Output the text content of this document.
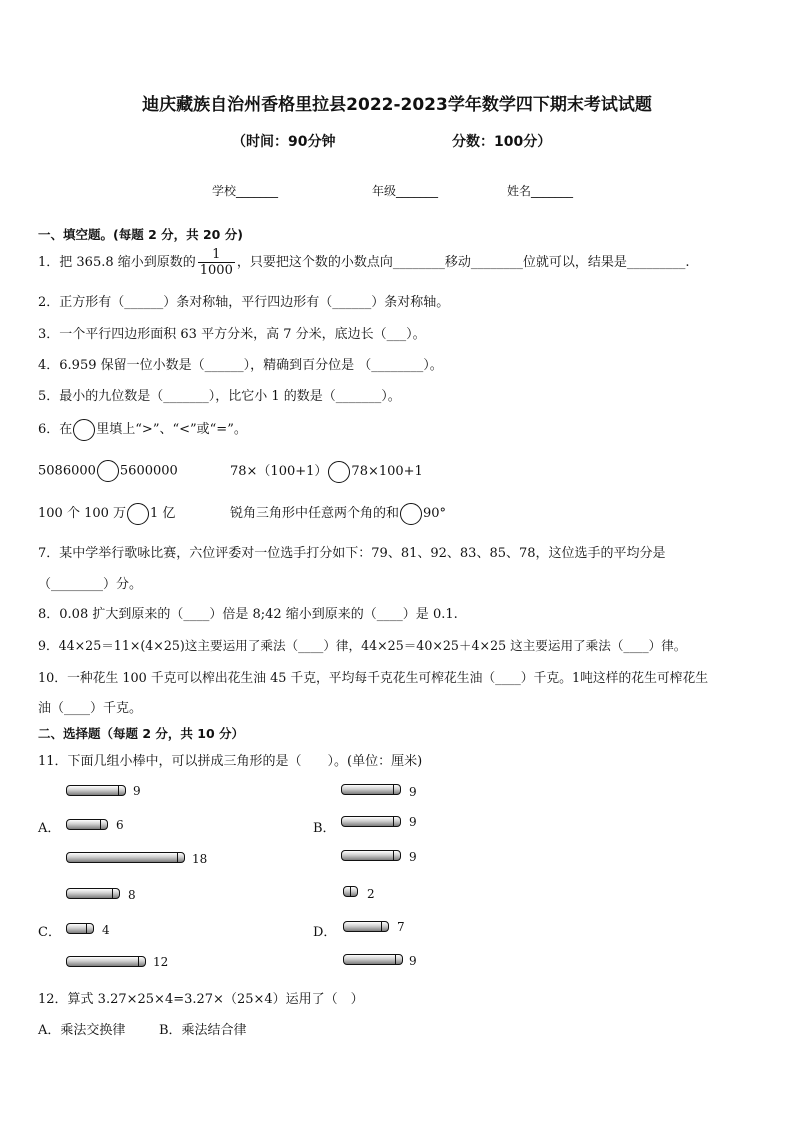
迪庆藏族自治州香格里拉县2022-2023学年数学四下期末考试试题
（时间：90分钟	分数：100分）
学校_______	年级_______	姓名_______
一、填空题。(每题 2 分，共 20 分)
1．把 365.8 缩小到原数的 $\frac{1}{1000}$ ，只要把这个数的小数点向________移动________位就可以，结果是_________.
2．正方形有（______）条对称轴，平行四边形有（______）条对称轴。
3．一个平行四边形面积 63 平方分米，高 7 分米，底边长（___）。
4．6.959 保留一位小数是（______），精确到百分位是 （________）。
5．最小的九位数是（_______），比它小 1 的数是（_______）。
6．在 里填上“>”、“<”或“=”。
5086000 5600000	78×（100+1） 78×100+1
100 个 100 万 1 亿	锐角三角形中任意两个角的和 90°
7．某中学举行歌咏比赛，六位评委对一位选手打分如下：79、81、92、83、85、78，这位选手的平均分是
（________）分。
8．0.08 扩大到原来的（____）倍是 8;42 缩小到原来的（____）是 0.1.
9．44×25＝11×(4×25)这主要运用了乘法（____）律，44×25＝40×25＋4×25 这主要运用了乘法（____）律。
10．一种花生 100 千克可以榨出花生油 45 千克，平均每千克花生可榨花生油（____）千克。1吨这样的花生可榨花生
油（____）千克。
二、选择题（每题 2 分，共 10 分）
11．下面几组小棒中，可以拼成三角形的是（　　）。(单位：厘米)
A．
9
6
18
B．
9
9
9
C．
8
4
12
D．
2
7
9
12．算式 3.27×25×4=3.27×（25×4）运用了（　）
A．乘法交换律	B．乘法结合律
